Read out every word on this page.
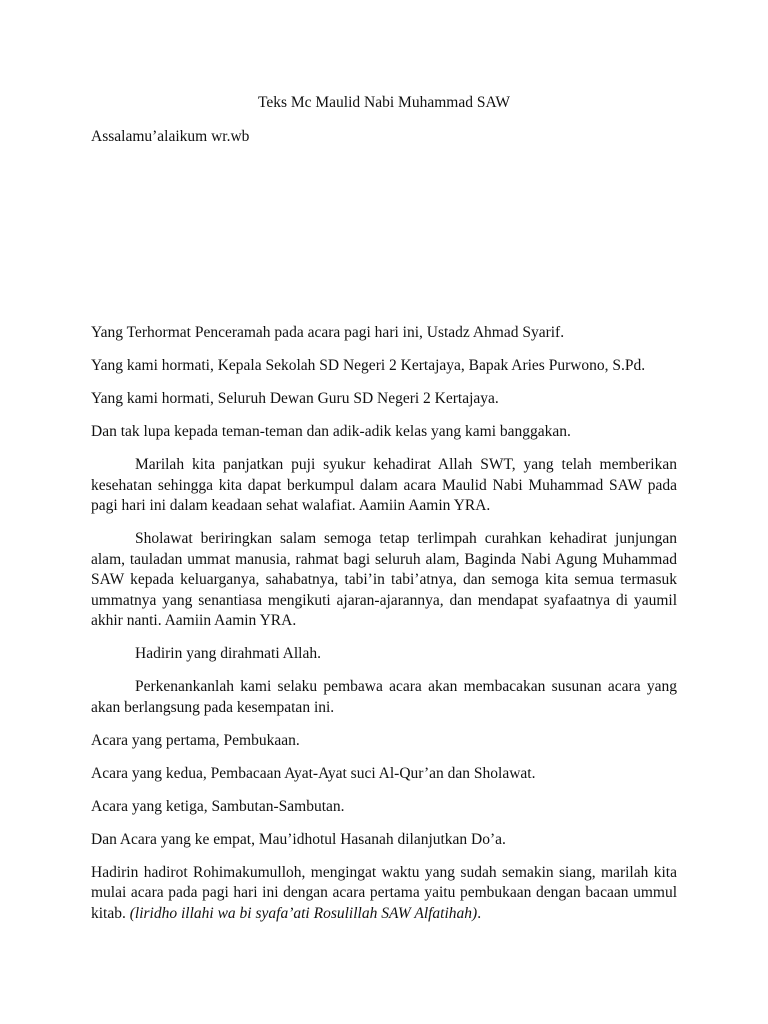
Teks Mc Maulid Nabi Muhammad SAW
Assalamu’alaikum wr.wb

Yang Terhormat Penceramah pada acara pagi hari ini, Ustadz Ahmad Syarif.

Yang kami hormati, Kepala Sekolah SD Negeri 2 Kertajaya, Bapak Aries Purwono, S.Pd.

Yang kami hormati, Seluruh Dewan Guru SD Negeri 2 Kertajaya.

Dan tak lupa kepada teman-teman dan adik-adik kelas yang kami banggakan.

Marilah kita panjatkan puji syukur kehadirat Allah SWT, yang telah memberikan kesehatan sehingga kita dapat berkumpul dalam acara Maulid Nabi Muhammad SAW pada pagi hari ini dalam keadaan sehat walafiat. Aamiin Aamin YRA.

Sholawat beriringkan salam semoga tetap terlimpah curahkan kehadirat junjungan alam, tauladan ummat manusia, rahmat bagi seluruh alam, Baginda Nabi Agung Muhammad SAW kepada keluarganya, sahabatnya, tabi’in tabi’atnya, dan semoga kita semua termasuk ummatnya yang senantiasa mengikuti ajaran-ajarannya, dan mendapat syafaatnya di yaumil akhir nanti. Aamiin Aamin YRA.

Hadirin yang dirahmati Allah.

Perkenankanlah kami selaku pembawa acara akan membacakan susunan acara yang akan berlangsung pada kesempatan ini.

Acara yang pertama, Pembukaan.

Acara yang kedua, Pembacaan Ayat-Ayat suci Al-Qur’an dan Sholawat.

Acara yang ketiga, Sambutan-Sambutan.

Dan Acara yang ke empat, Mau’idhotul Hasanah dilanjutkan Do’a.

Hadirin hadirot Rohimakumulloh, mengingat waktu yang sudah semakin siang, marilah kita mulai acara pada pagi hari ini dengan acara pertama yaitu pembukaan dengan bacaan ummul kitab. (liridho illahi wa bi syafa’ati Rosulillah SAW Alfatihah).
